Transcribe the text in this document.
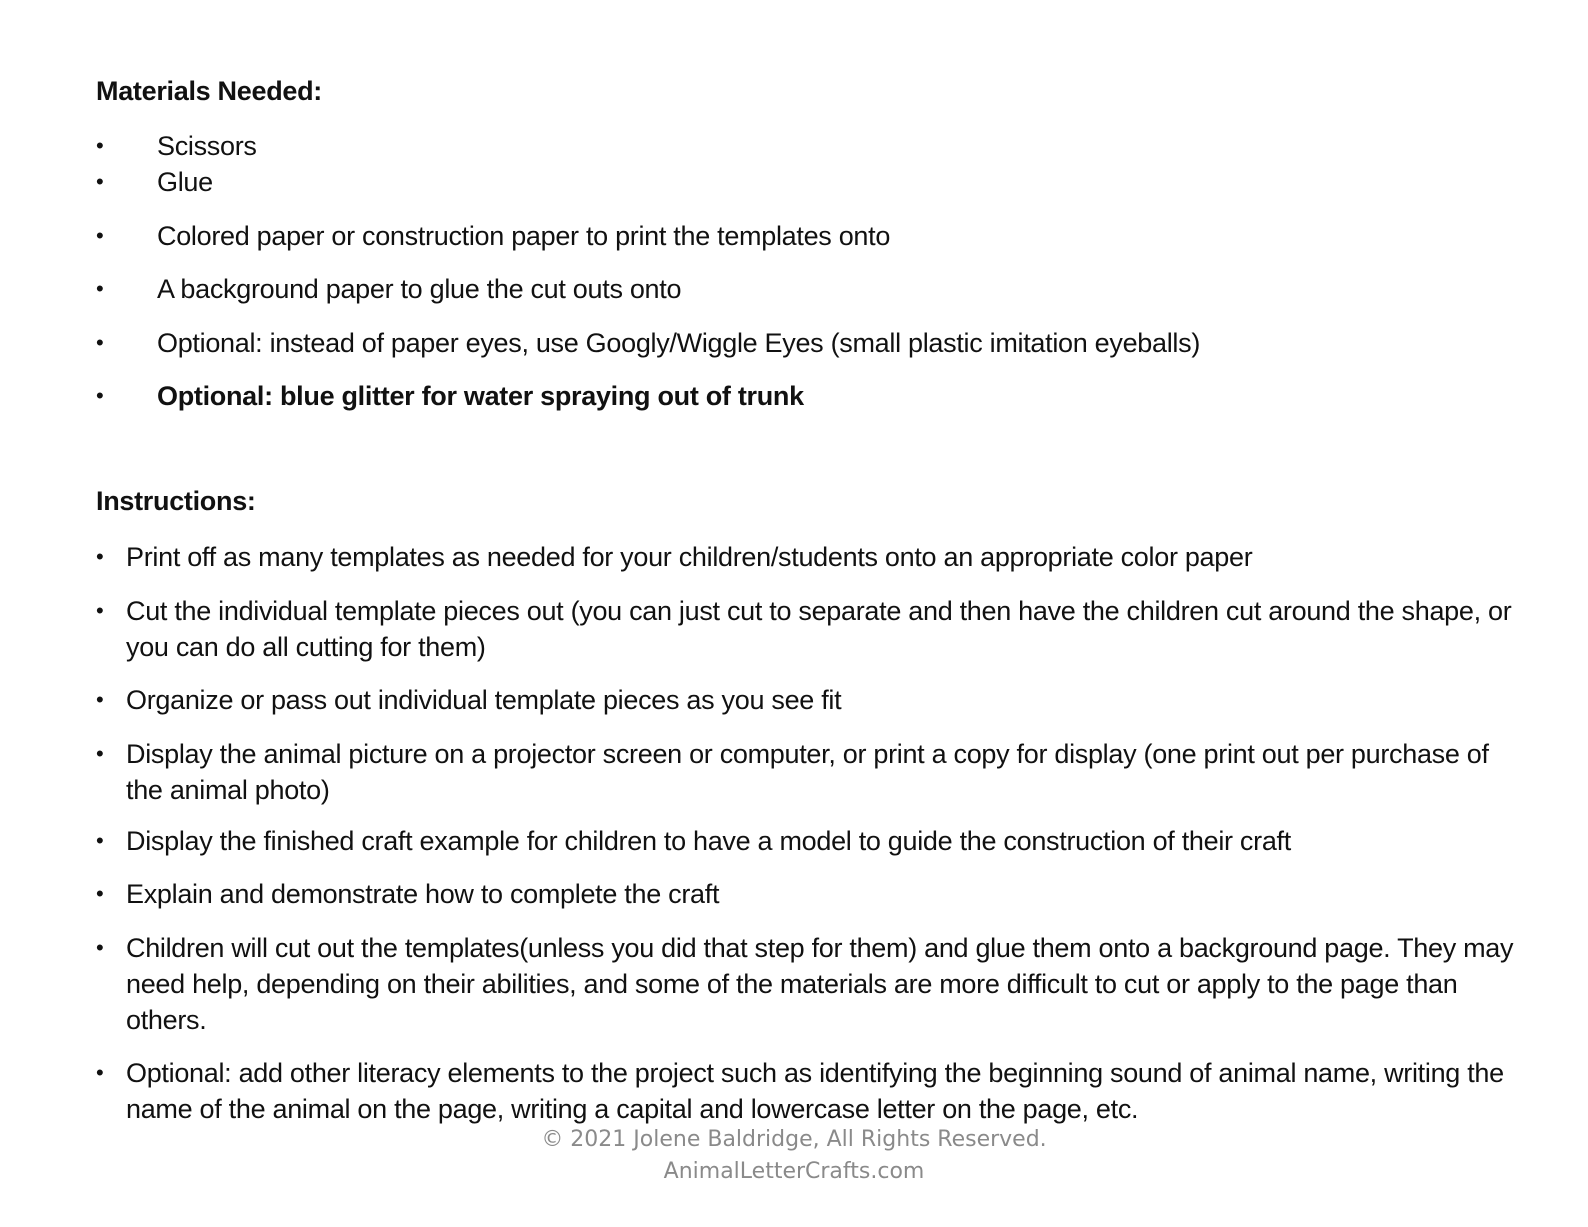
Materials Needed:
• Scissors
• Glue
• Colored paper or construction paper to print the templates onto
• A background paper to glue the cut outs onto
• Optional: instead of paper eyes, use Googly/Wiggle Eyes (small plastic imitation eyeballs)
• Optional: blue glitter for water spraying out of trunk
Instructions:
• Print off as many templates as needed for your children/students onto an appropriate color paper
• Cut the individual template pieces out (you can just cut to separate and then have the children cut around the shape, or you can do all cutting for them)
• Organize or pass out individual template pieces as you see fit
• Display the animal picture on a projector screen or computer, or print a copy for display (one print out per purchase of the animal photo)
• Display the finished craft example for children to have a model to guide the construction of their craft
• Explain and demonstrate how to complete the craft
• Children will cut out the templates(unless you did that step for them) and glue them onto a background page. They may need help, depending on their abilities, and some of the materials are more difficult to cut or apply to the page than others.
• Optional: add other literacy elements to the project such as identifying the beginning sound of animal name, writing the name of the animal on the page, writing a capital and lowercase letter on the page, etc.
© 2021 Jolene Baldridge, All Rights Reserved.
AnimalLetterCrafts.com
